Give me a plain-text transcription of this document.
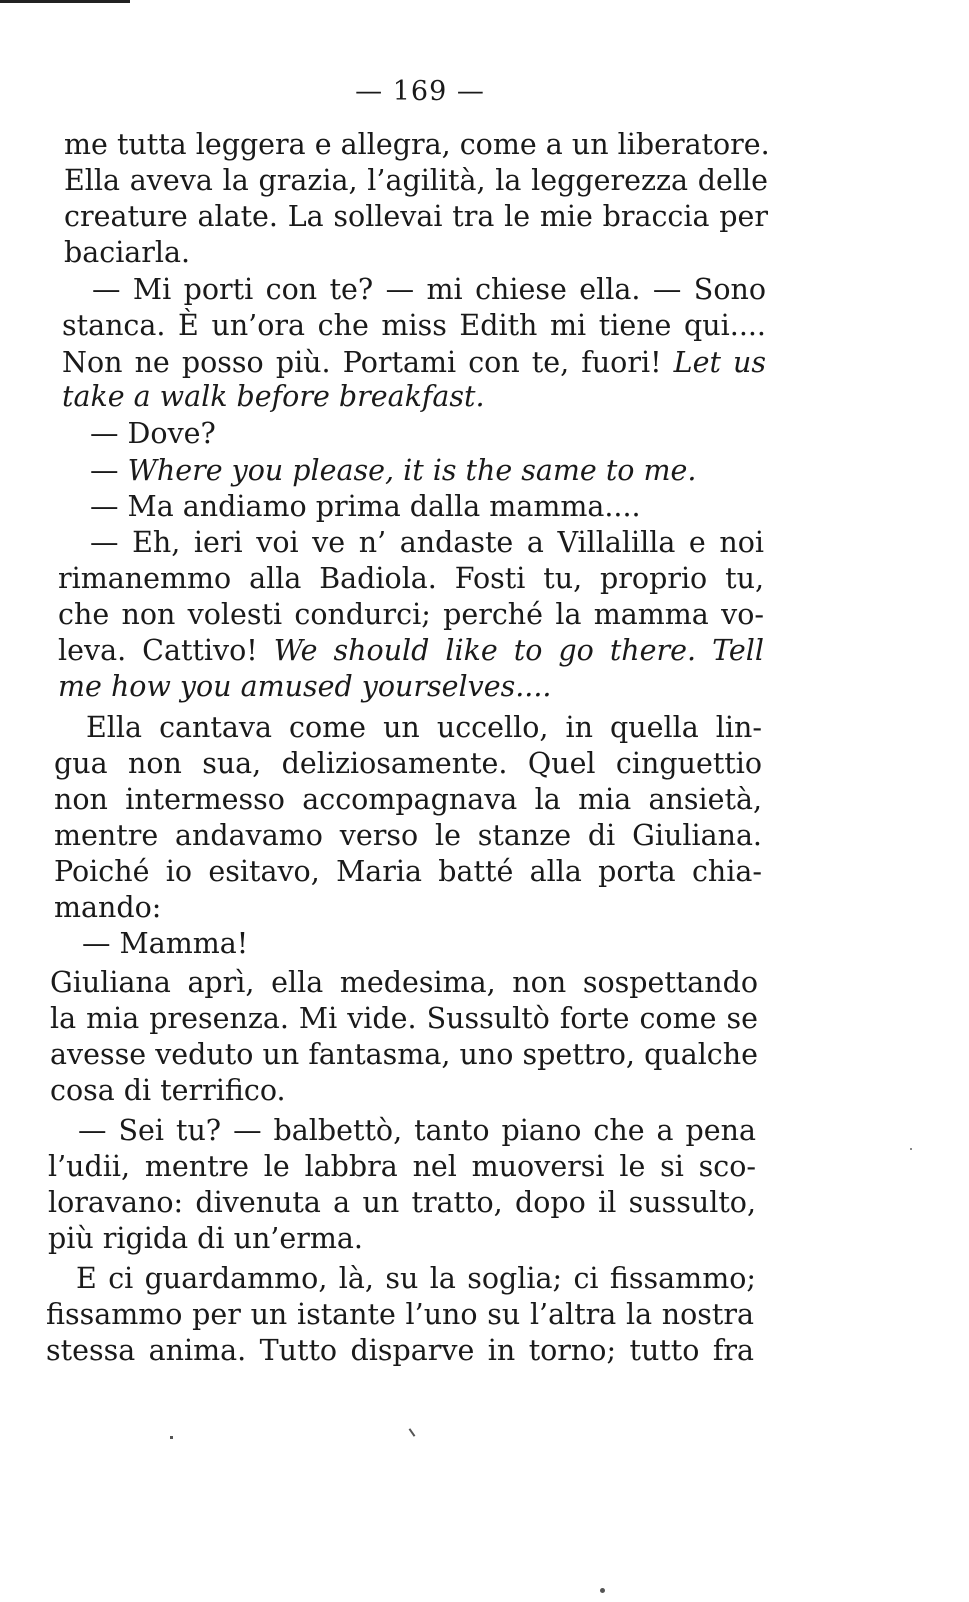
— 169 —
me tutta leggera e allegra, come a un liberatore.
Ella aveva la grazia, l’agilità, la leggerezza delle
creature alate. La sollevai tra le mie braccia per
baciarla.
— Mi porti con te? — mi chiese ella. — Sono
stanca. È un’ora che miss Edith mi tiene qui....
Non ne posso più. Portami con te, fuori! Let us
take a walk before breakfast.
— Dove?
— Where you please, it is the same to me.
— Ma andiamo prima dalla mamma....
— Eh, ieri voi ve n’ andaste a Villalilla e noi
rimanemmo alla Badiola. Fosti tu, proprio tu,
che non volesti condurci; perché la mamma vo-
leva. Cattivo! We should like to go there. Tell
me how you amused yourselves....
Ella cantava come un uccello, in quella lin-
gua non sua, deliziosamente. Quel cinguettio
non intermesso accompagnava la mia ansietà,
mentre andavamo verso le stanze di Giuliana.
Poiché io esitavo, Maria batté alla porta chia-
mando:
— Mamma!
Giuliana aprì, ella medesima, non sospettando
la mia presenza. Mi vide. Sussultò forte come se
avesse veduto un fantasma, uno spettro, qualche
cosa di terrifico.
— Sei tu? — balbettò, tanto piano che a pena
l’udii, mentre le labbra nel muoversi le si sco-
loravano: divenuta a un tratto, dopo il sussulto,
più rigida di un’erma.
E ci guardammo, là, su la soglia; ci fissammo;
fissammo per un istante l’uno su l’altra la nostra
stessa anima. Tutto disparve in torno; tutto fra
